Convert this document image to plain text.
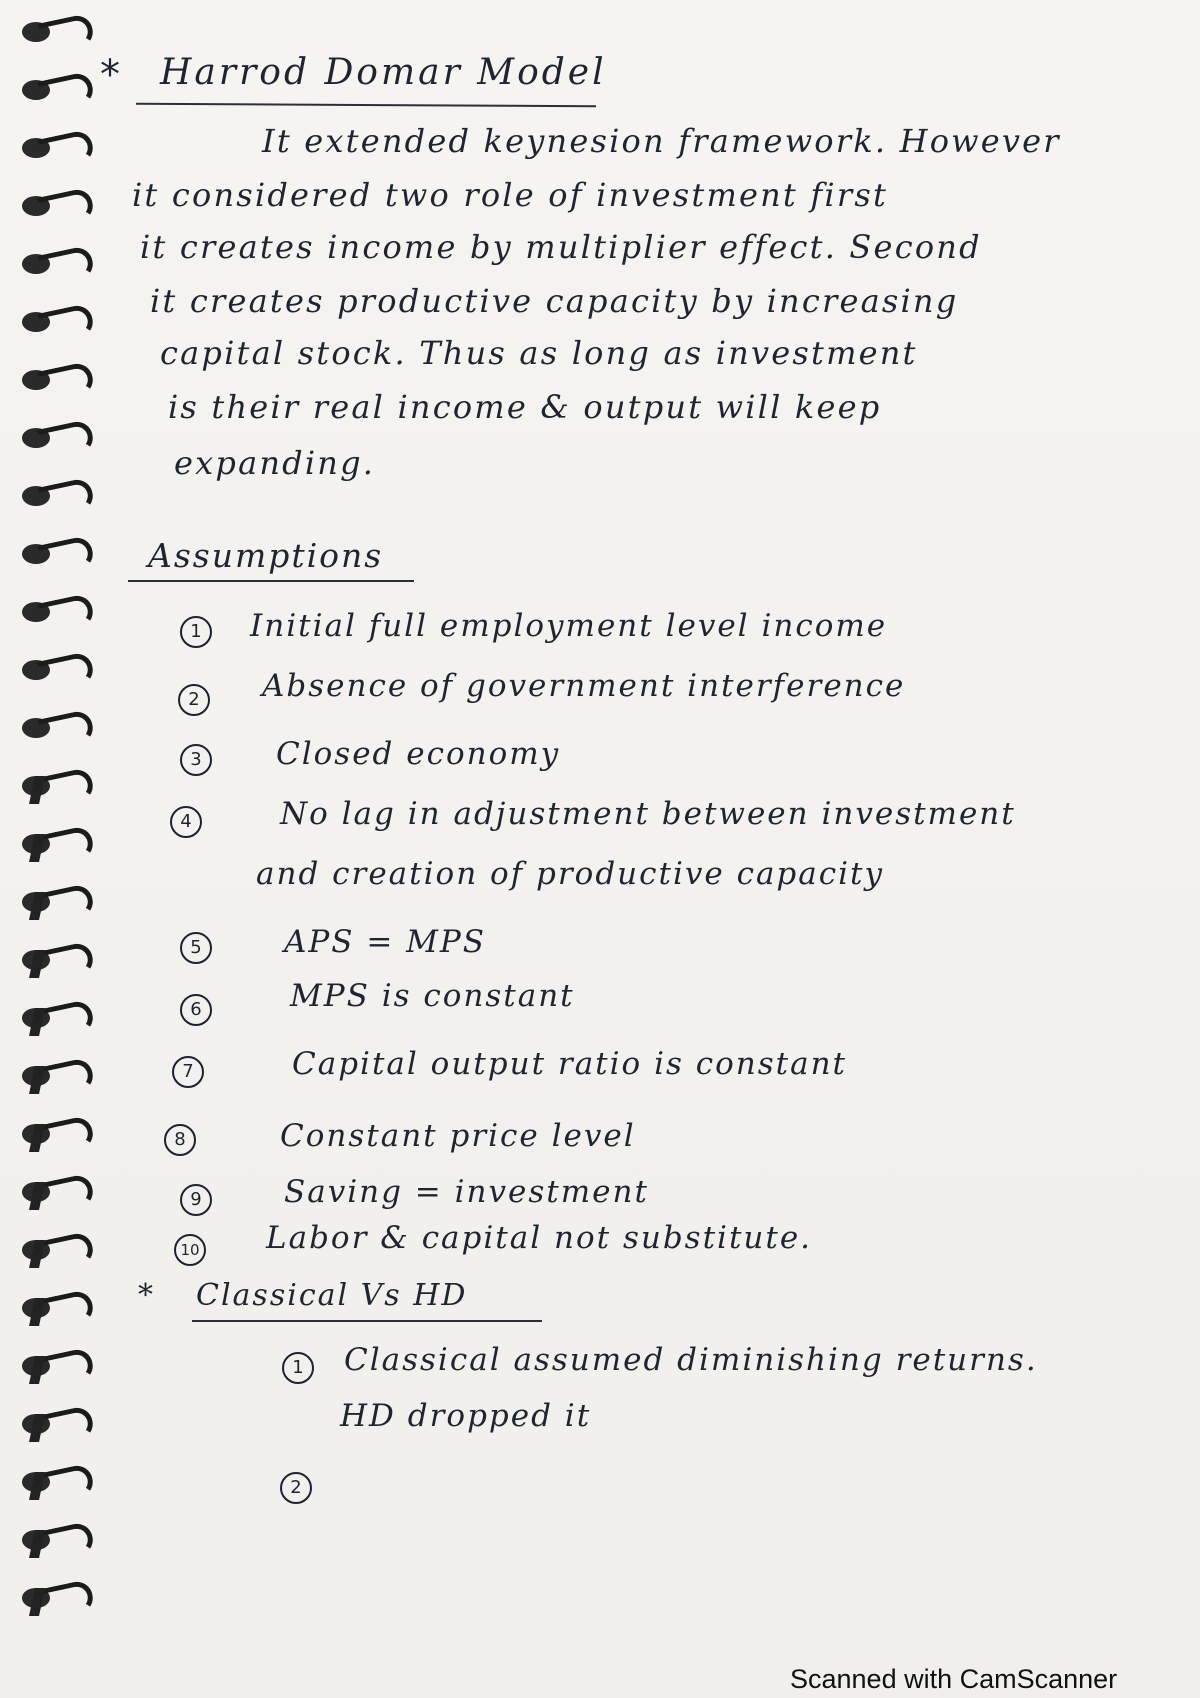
* Harrod Domar Model
It extended keynesion framework. However
it considered two role of investment first
it creates income by multiplier effect. Second
it creates productive capacity by increasing
capital stock. Thus as long as investment
is their real income & output will keep
expanding.
Assumptions
1	Initial full employment level income
2	Absence of government interference
3	Closed economy
4	No lag in adjustment between investment
and creation of productive capacity
5	APS = MPS
6	MPS is constant
7	Capital output ratio is constant
8	Constant price level
9	Saving = investment
10 Labor & capital not substitute.
* Classical Vs HD
1	Classical assumed diminishing returns.
HD dropped it
2
Scanned with CamScanner
